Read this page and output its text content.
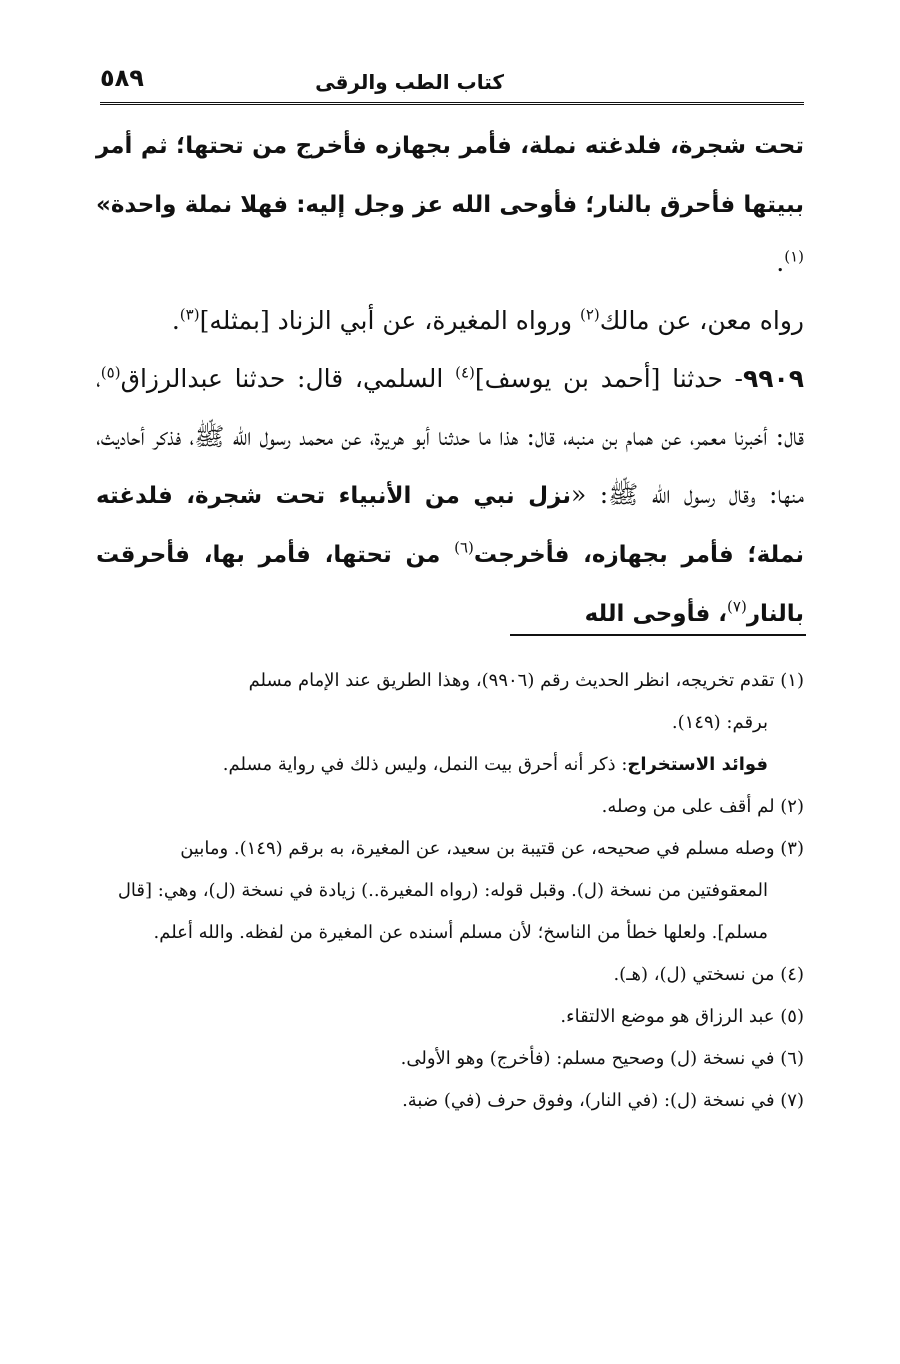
كتاب الطب والرقى
٥٨٩

تحت شجرة، فلدغته نملة، فأمر بجهازه فأخرج من تحتها؛ ثم أمر ببيتها فأحرق بالنار؛ فأوحى الله عز وجل إليه: فهلا نملة واحدة» $^{(١)}$.

رواه معن، عن مالك$^{(٢)}$ ورواه المغيرة، عن أبي الزناد [بمثله]$^{(٣)}$.

٩٩٠٩- حدثنا [أحمد بن يوسف]$^{(٤)}$ السلمي، قال: حدثنا عبدالرزاق$^{(٥)}$، قال: أخبرنا معمر، عن همام بن منبه، قال: هذا ما حدثنا أبو هريرة، عن محمد رسول الله ﷺ، فذكر أحاديث، منها: وقال رسول الله ﷺ: «نزل نبي من الأنبياء تحت شجرة، فلدغته نملة؛ فأمر بجهازه، فأخرجت$^{(٦)}$ من تحتها، فأمر بها، فأحرقت بالنار$^{(٧)}$، فأوحى الله

(١) تقدم تخريجه، انظر الحديث رقم (٩٩٠٦)، وهذا الطريق عند الإمام مسلم

برقم: (١٤٩).

فوائد الاستخراج: ذكر أنه أحرق بيت النمل، وليس ذلك في رواية مسلم.

(٢) لم أقف على من وصله.

(٣) وصله مسلم في صحيحه، عن قتيبة بن سعيد، عن المغيرة، به برقم (١٤٩). ومابين

المعقوفتين من نسخة (ل). وقبل قوله: (رواه المغيرة..) زيادة في نسخة (ل)، وهي: [قال

مسلم]. ولعلها خطأ من الناسخ؛ لأن مسلم أسنده عن المغيرة من لفظه. والله أعلم.

(٤) من نسختي (ل)، (هـ).

(٥) عبد الرزاق هو موضع الالتقاء.

(٦) في نسخة (ل) وصحيح مسلم: (فأخرج) وهو الأولى.

(٧) في نسخة (ل): (في النار)، وفوق حرف (في) ضبة.
